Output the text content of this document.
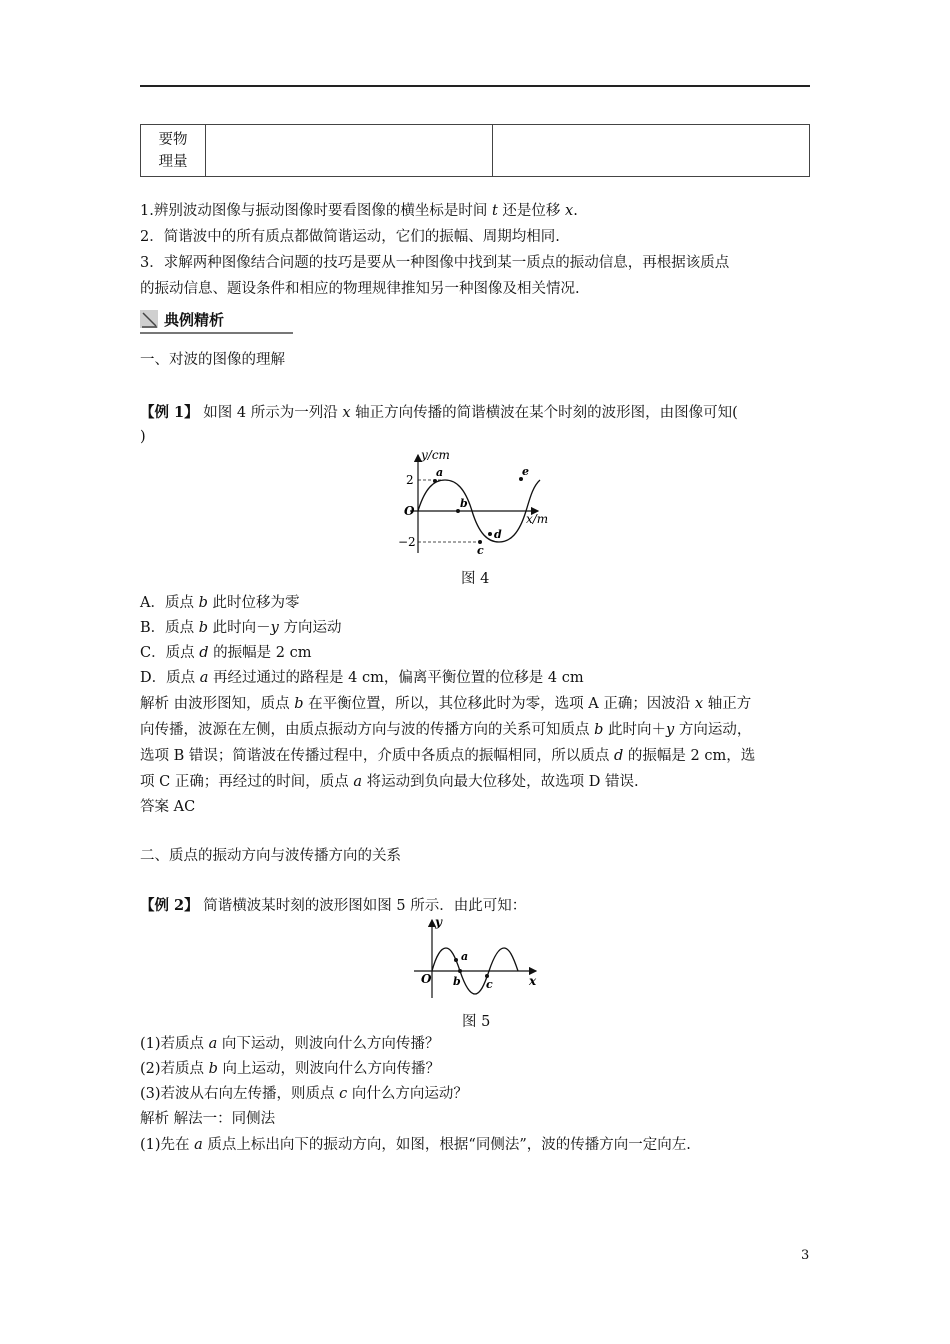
要物
理量

1.辨别波动图像与振动图像时要看图像的横坐标是时间 t 还是位移 x.
2．简谐波中的所有质点都做简谐运动，它们的振幅、周期均相同.
3．求解两种图像结合问题的技巧是要从一种图像中找到某一质点的振动信息，再根据该质点
的振动信息、题设条件和相应的物理规律推知另一种图像及相关情况.
典例精析
一、对波的图像的理解
【例 1】 如图 4 所示为一列沿 x 轴正方向传播的简谐横波在某个时刻的波形图，由图像可知(
)
y/cm
x/m
O
2
−2
a
b
c
d
e
图 4
A．质点 b 此时位移为零
B．质点 b 此时向－y 方向运动
C．质点 d 的振幅是 2 cm
D．质点 a 再经过通过的路程是 4 cm，偏离平衡位置的位移是 4 cm
解析 由波形图知，质点 b 在平衡位置，所以，其位移此时为零，选项 A 正确；因波沿 x 轴正方
向传播，波源在左侧，由质点振动方向与波的传播方向的关系可知质点 b 此时向＋y 方向运动，
选项 B 错误；简谐波在传播过程中，介质中各质点的振幅相同，所以质点 d 的振幅是 2 cm，选
项 C 正确；再经过的时间，质点 a 将运动到负向最大位移处，故选项 D 错误.
答案 AC
二、质点的振动方向与波传播方向的关系
【例 2】 简谐横波某时刻的波形图如图 5 所示．由此可知：
y
x
O
a
b c
图 5
(1)若质点 a 向下运动，则波向什么方向传播？
(2)若质点 b 向上运动，则波向什么方向传播？
(3)若波从右向左传播，则质点 c 向什么方向运动？
解析 解法一：同侧法
(1)先在 a 质点上标出向下的振动方向，如图，根据“同侧法”，波的传播方向一定向左.
3
